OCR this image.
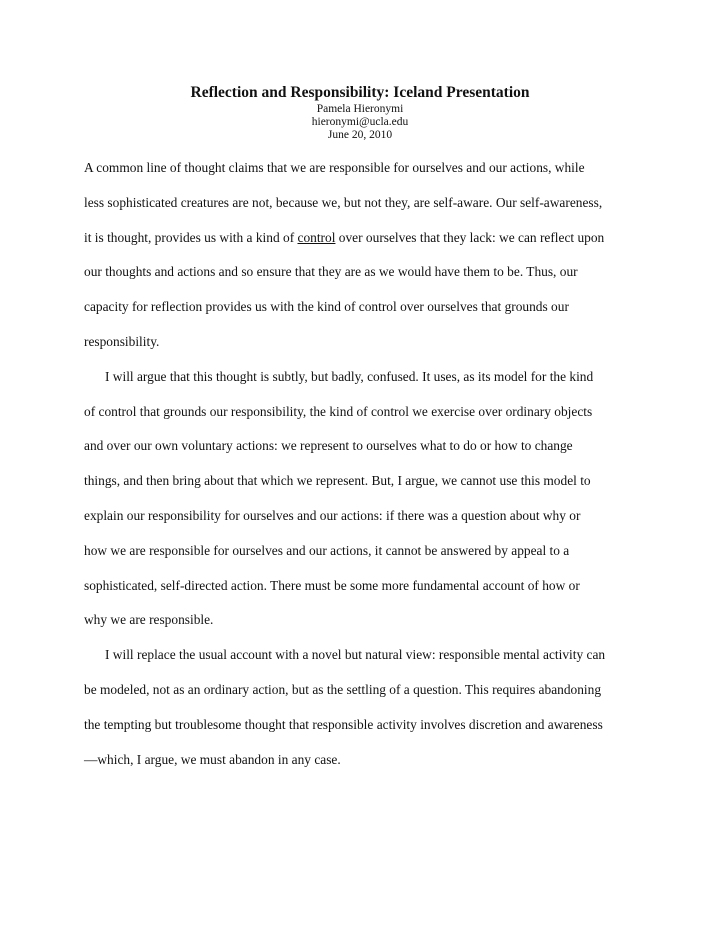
Reflection and Responsibility: Iceland Presentation
Pamela Hieronymi
hieronymi@ucla.edu
June 20, 2010

A common line of thought claims that we are responsible for ourselves and our actions, while
less sophisticated creatures are not, because we, but not they, are self-aware. Our self-awareness,
it is thought, provides us with a kind of control over ourselves that they lack: we can reflect upon
our thoughts and actions and so ensure that they are as we would have them to be. Thus, our
capacity for reflection provides us with the kind of control over ourselves that grounds our
responsibility.

I will argue that this thought is subtly, but badly, confused. It uses, as its model for the kind
of control that grounds our responsibility, the kind of control we exercise over ordinary objects
and over our own voluntary actions: we represent to ourselves what to do or how to change
things, and then bring about that which we represent. But, I argue, we cannot use this model to
explain our responsibility for ourselves and our actions: if there was a question about why or
how we are responsible for ourselves and our actions, it cannot be answered by appeal to a
sophisticated, self-directed action. There must be some more fundamental account of how or
why we are responsible.

I will replace the usual account with a novel but natural view: responsible mental activity can
be modeled, not as an ordinary action, but as the settling of a question. This requires abandoning
the tempting but troublesome thought that responsible activity involves discretion and awareness
—which, I argue, we must abandon in any case.
